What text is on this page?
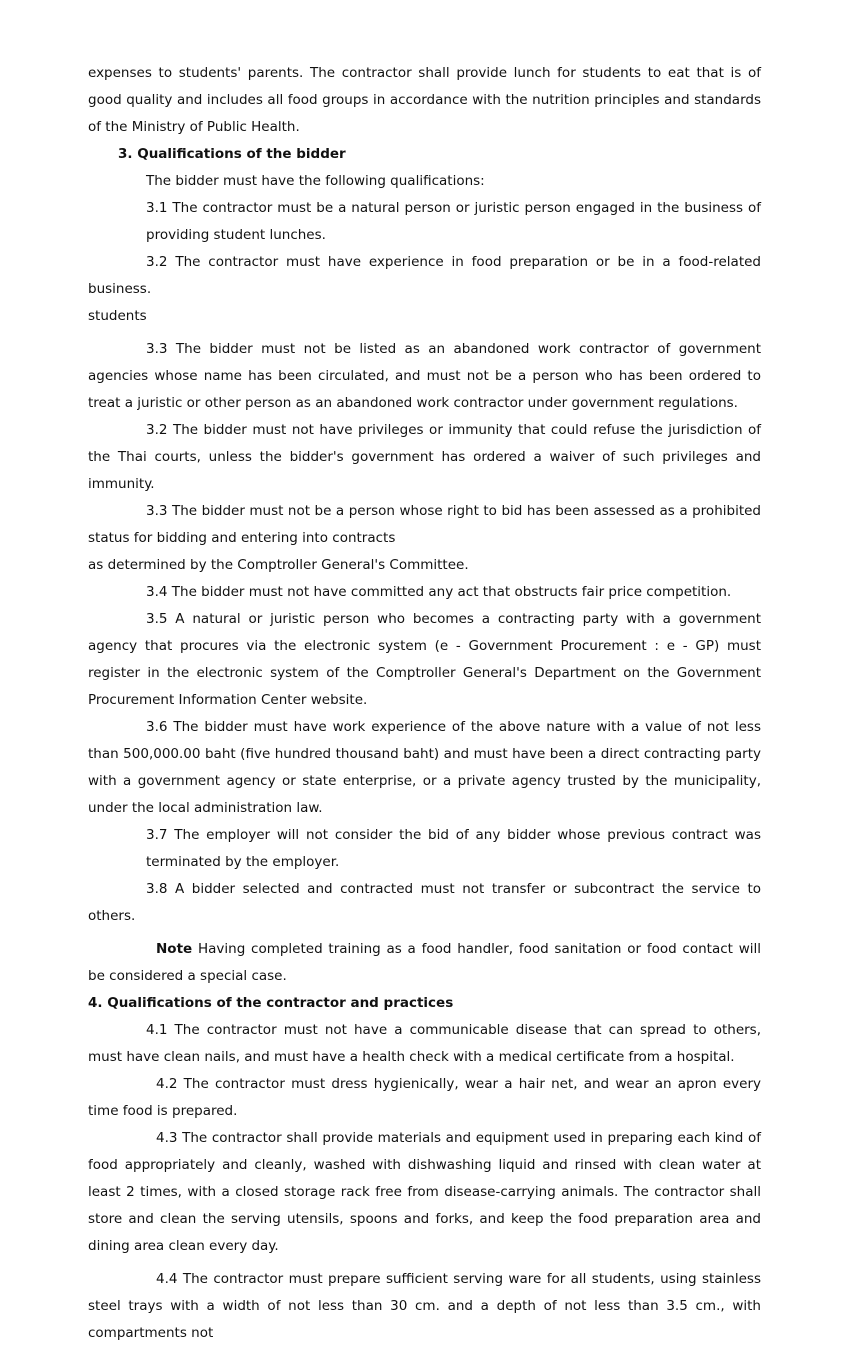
expenses to students' parents. The contractor shall provide lunch for students to eat that is of good quality and includes all food groups in accordance with the nutrition principles and standards of the Ministry of Public Health.

3. Qualifications of the bidder

The bidder must have the following qualifications:

3.1 The contractor must be a natural person or juristic person engaged in the business of providing student lunches.

3.2 The contractor must have experience in food preparation or be in a food-related business.

students

3.3 The bidder must not be listed as an abandoned work contractor of government agencies whose name has been circulated, and must not be a person who has been ordered to treat a juristic or other person as an abandoned work contractor under government regulations.

3.2 The bidder must not have privileges or immunity that could refuse the jurisdiction of the Thai courts, unless the bidder's government has ordered a waiver of such privileges and immunity.

3.3 The bidder must not be a person whose right to bid has been assessed as a prohibited status for bidding and entering into contracts

as determined by the Comptroller General's Committee.

3.4 The bidder must not have committed any act that obstructs fair price competition.

3.5 A natural or juristic person who becomes a contracting party with a government agency that procures via the electronic system (e - Government Procurement : e - GP) must register in the electronic system of the Comptroller General's Department on the Government Procurement Information Center website.

3.6 The bidder must have work experience of the above nature with a value of not less than 500,000.00 baht (five hundred thousand baht) and must have been a direct contracting party with a government agency or state enterprise, or a private agency trusted by the municipality, under the local administration law.

3.7 The employer will not consider the bid of any bidder whose previous contract was terminated by the employer.

3.8 A bidder selected and contracted must not transfer or subcontract the service to others.

Note Having completed training as a food handler, food sanitation or food contact will be considered a special case.

4. Qualifications of the contractor and practices

4.1 The contractor must not have a communicable disease that can spread to others, must have clean nails, and must have a health check with a medical certificate from a hospital.

4.2 The contractor must dress hygienically, wear a hair net, and wear an apron every time food is prepared.

4.3 The contractor shall provide materials and equipment used in preparing each kind of food appropriately and cleanly, washed with dishwashing liquid and rinsed with clean water at least 2 times, with a closed storage rack free from disease-carrying animals. The contractor shall store and clean the serving utensils, spoons and forks, and keep the food preparation area and dining area clean every day.

4.4 The contractor must prepare sufficient serving ware for all students, using stainless steel trays with a width of not less than 30 cm. and a depth of not less than 3.5 cm., with compartments not
